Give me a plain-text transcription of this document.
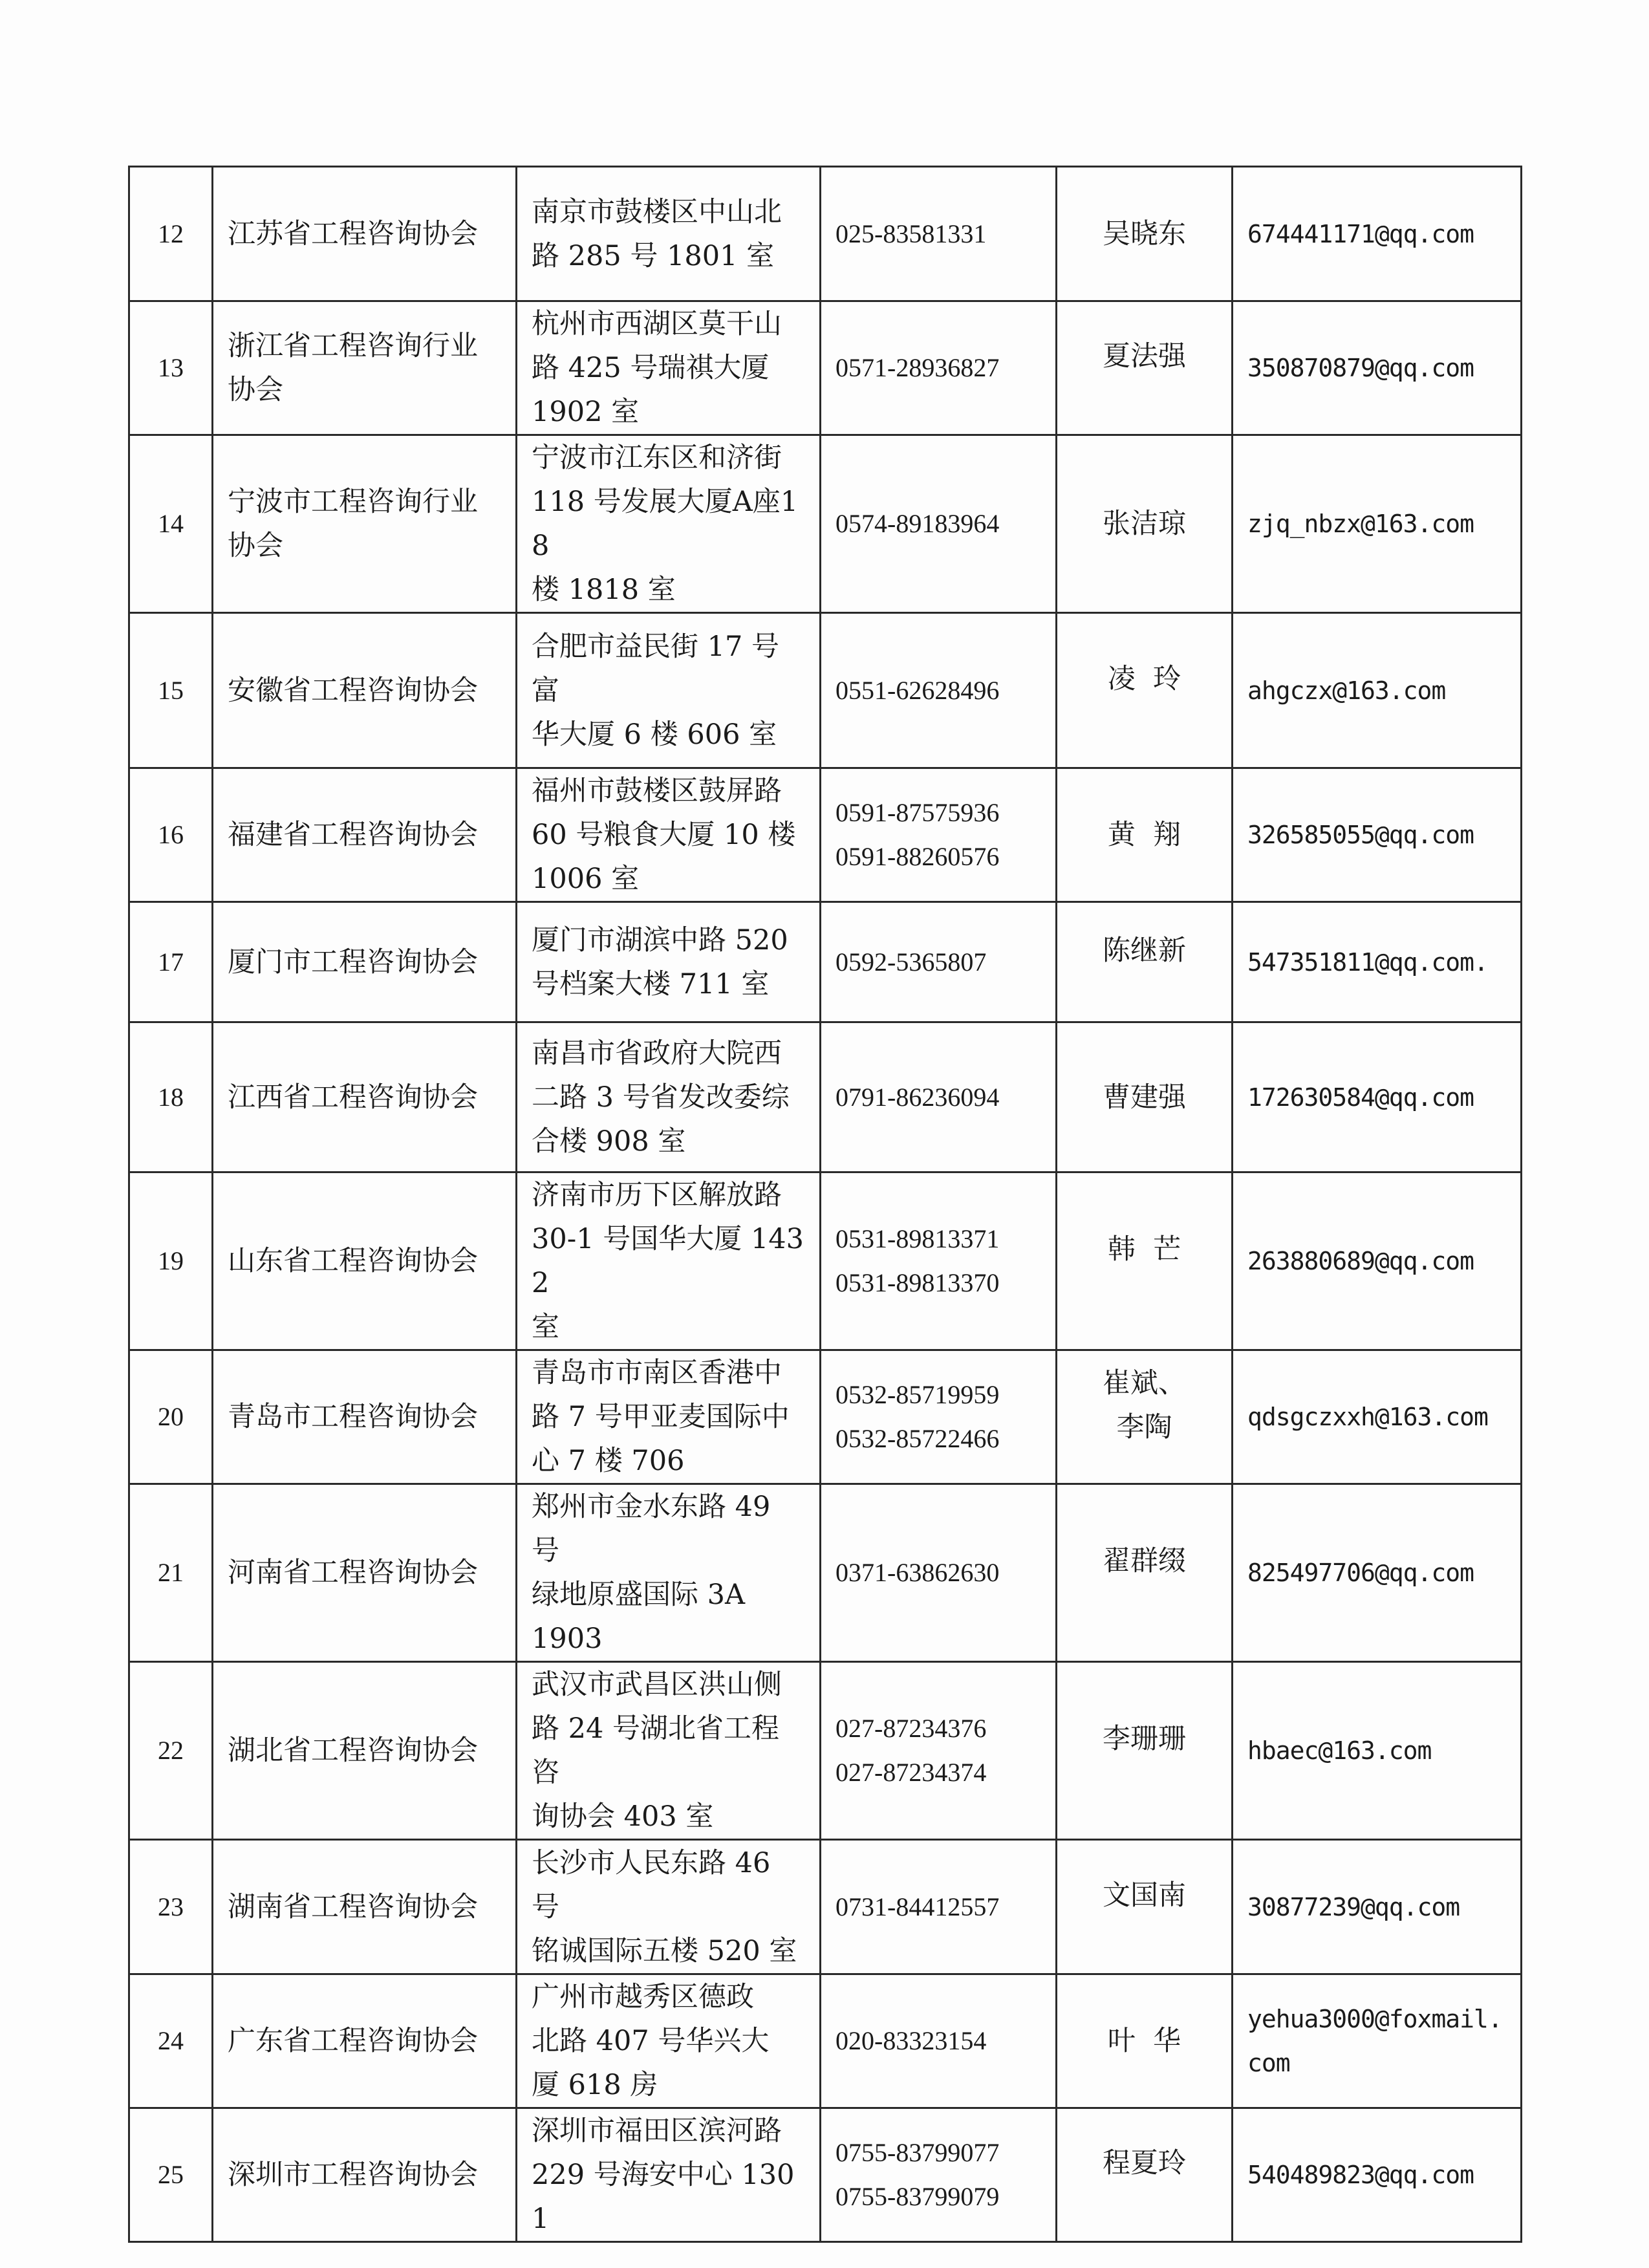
12	江苏省工程咨询协会	南京市鼓楼区中山北
路 285 号 1801 室	025-83581331	吴晓东	674441171@qq.com
13	浙江省工程咨询行业
协会	杭州市西湖区莫干山
路 425 号瑞祺大厦
1902 室	0571-28936827	夏法强	350870879@qq.com
14	宁波市工程咨询行业
协会	宁波市江东区和济街
118 号发展大厦A座18
楼 1818 室	0574-89183964	张洁琼	zjq_nbzx@163.com
15	安徽省工程咨询协会	合肥市益民街 17 号富
华大厦 6 楼 606 室	0551-62628496	凌  玲	ahgczx@163.com
16	福建省工程咨询协会	福州市鼓楼区鼓屏路
60 号粮食大厦 10 楼
1006 室	0591-87575936
0591-88260576	黄  翔	326585055@qq.com
17	厦门市工程咨询协会	厦门市湖滨中路 520
号档案大楼 711 室	0592-5365807	陈继新	547351811@qq.com.
18	江西省工程咨询协会	南昌市省政府大院西
二路 3 号省发改委综
合楼 908 室	0791-86236094	曹建强	172630584@qq.com
19	山东省工程咨询协会	济南市历下区解放路
30-1 号国华大厦 1432
室	0531-89813371
0531-89813370	韩  芒	263880689@qq.com
20	青岛市工程咨询协会	青岛市市南区香港中
路 7 号甲亚麦国际中
心 7 楼 706	0532-85719959
0532-85722466	崔斌、
李陶	qdsgczxxh@163.com
21	河南省工程咨询协会	郑州市金水东路 49 号
绿地原盛国际 3A
1903	0371-63862630	翟群缀	825497706@qq.com
22	湖北省工程咨询协会	武汉市武昌区洪山侧
路 24 号湖北省工程咨
询协会 403 室	027-87234376
027-87234374	李珊珊	hbaec@163.com
23	湖南省工程咨询协会	长沙市人民东路 46 号
铭诚国际五楼 520 室	0731-84412557	文国南	30877239@qq.com
24	广东省工程咨询协会	广州市越秀区德政
北路 407 号华兴大
厦 618 房	020-83323154	叶  华	yehua3000@foxmail.com
25	深圳市工程咨询协会	深圳市福田区滨河路
229 号海安中心 1301	0755-83799077
0755-83799079	程夏玲	540489823@qq.com
